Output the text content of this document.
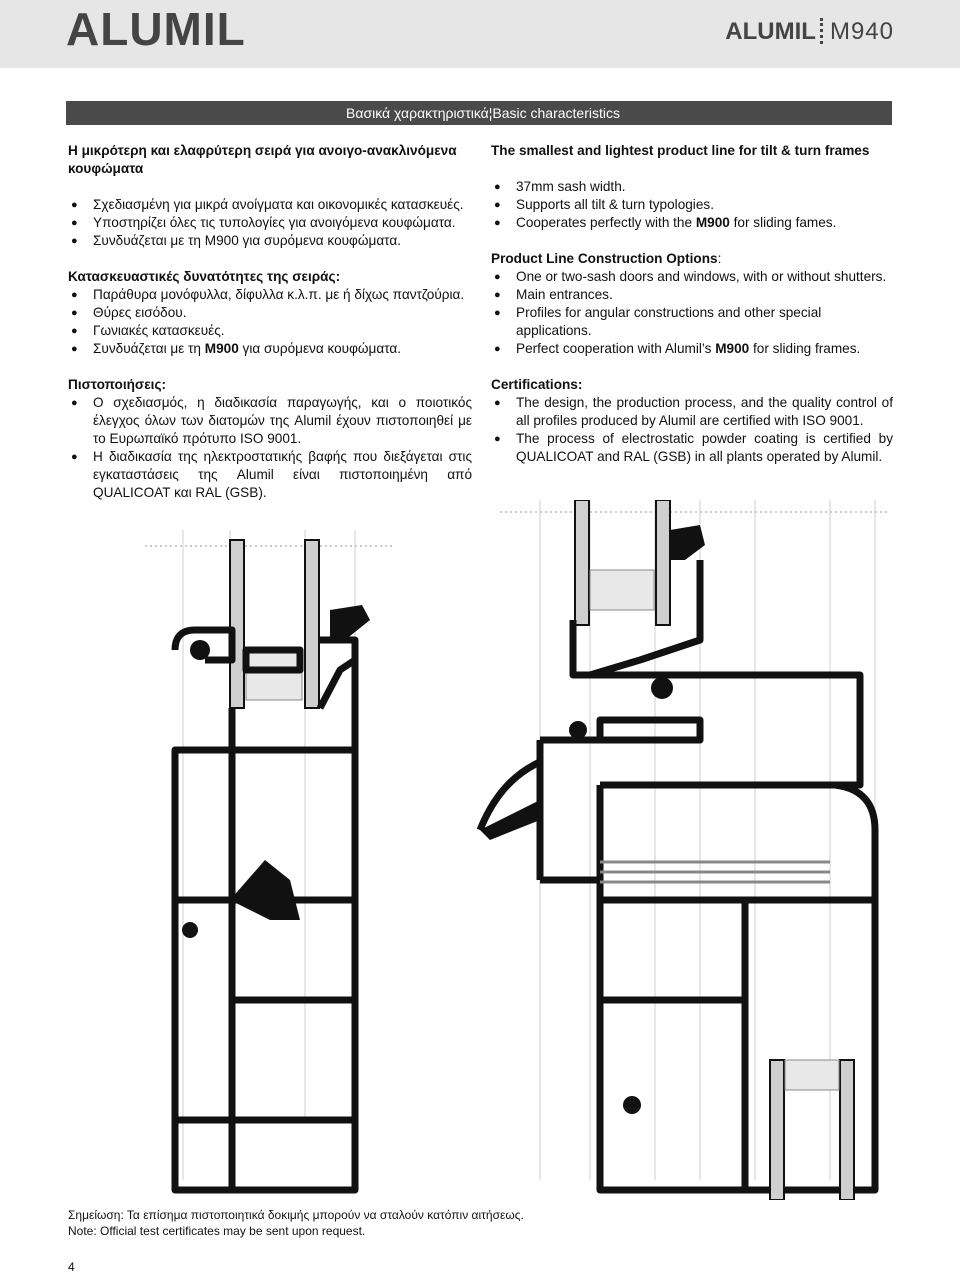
ALUMIL	ALUMIL M940
Βασικά χαρακτηριστικά¦Basic characteristics
Η μικρότερη και ελαφρύτερη σειρά για ανοιγο-ανακλινόμενα κουφώματα
● Σχεδιασμένη για μικρά ανοίγματα και οικονομικές κατασκευές.
● Υποστηρίζει όλες τις τυπολογίες για ανοιγόμενα κουφώματα.
● Συνδυάζεται με τη M900 για συρόμενα κουφώματα.
Κατασκευαστικές δυνατότητες της σειράς:
● Παράθυρα μονόφυλλα, δίφυλλα κ.λ.π. με ή δίχως παντζούρια.
● Θύρες εισόδου.
● Γωνιακές κατασκευές.
● Συνδυάζεται με τη M900 για συρόμενα κουφώματα.
Πιστοποιήσεις:
● Ο σχεδιασμός, η διαδικασία παραγωγής, και ο ποιοτικός έλεγχος όλων των διατομών της Alumil έχουν πιστοποιηθεί με το Ευρωπαϊκό πρότυπο ISO 9001.
● Η διαδικασία της ηλεκτροστατικής βαφής που διεξάγεται στις εγκαταστάσεις της Alumil είναι πιστοποιημένη από QUALICOAT και RAL (GSB).
The smallest and lightest product line for tilt & turn frames
● 37mm sash width.
● Supports all tilt & turn typologies.
● Cooperates perfectly with the M900 for sliding fames.
Product Line Construction Options:
● One or two-sash doors and windows, with or without shutters.
● Main entrances.
● Profiles for angular constructions and other special applications.
● Perfect cooperation with Alumil’s M900 for sliding frames.
Certifications:
● The design, the production process, and the quality control of all profiles produced by Alumil are certified with ISO 9001.
● The process of electrostatic powder coating is certified by QUALICOAT and RAL (GSB) in all plants operated by Alumil.
Σημείωση: Τα επίσημα πιστοποιητικά δοκιμής μπορούν να σταλούν κατόπιν αιτήσεως.
Note: Official test certificates may be sent upon request.
4
